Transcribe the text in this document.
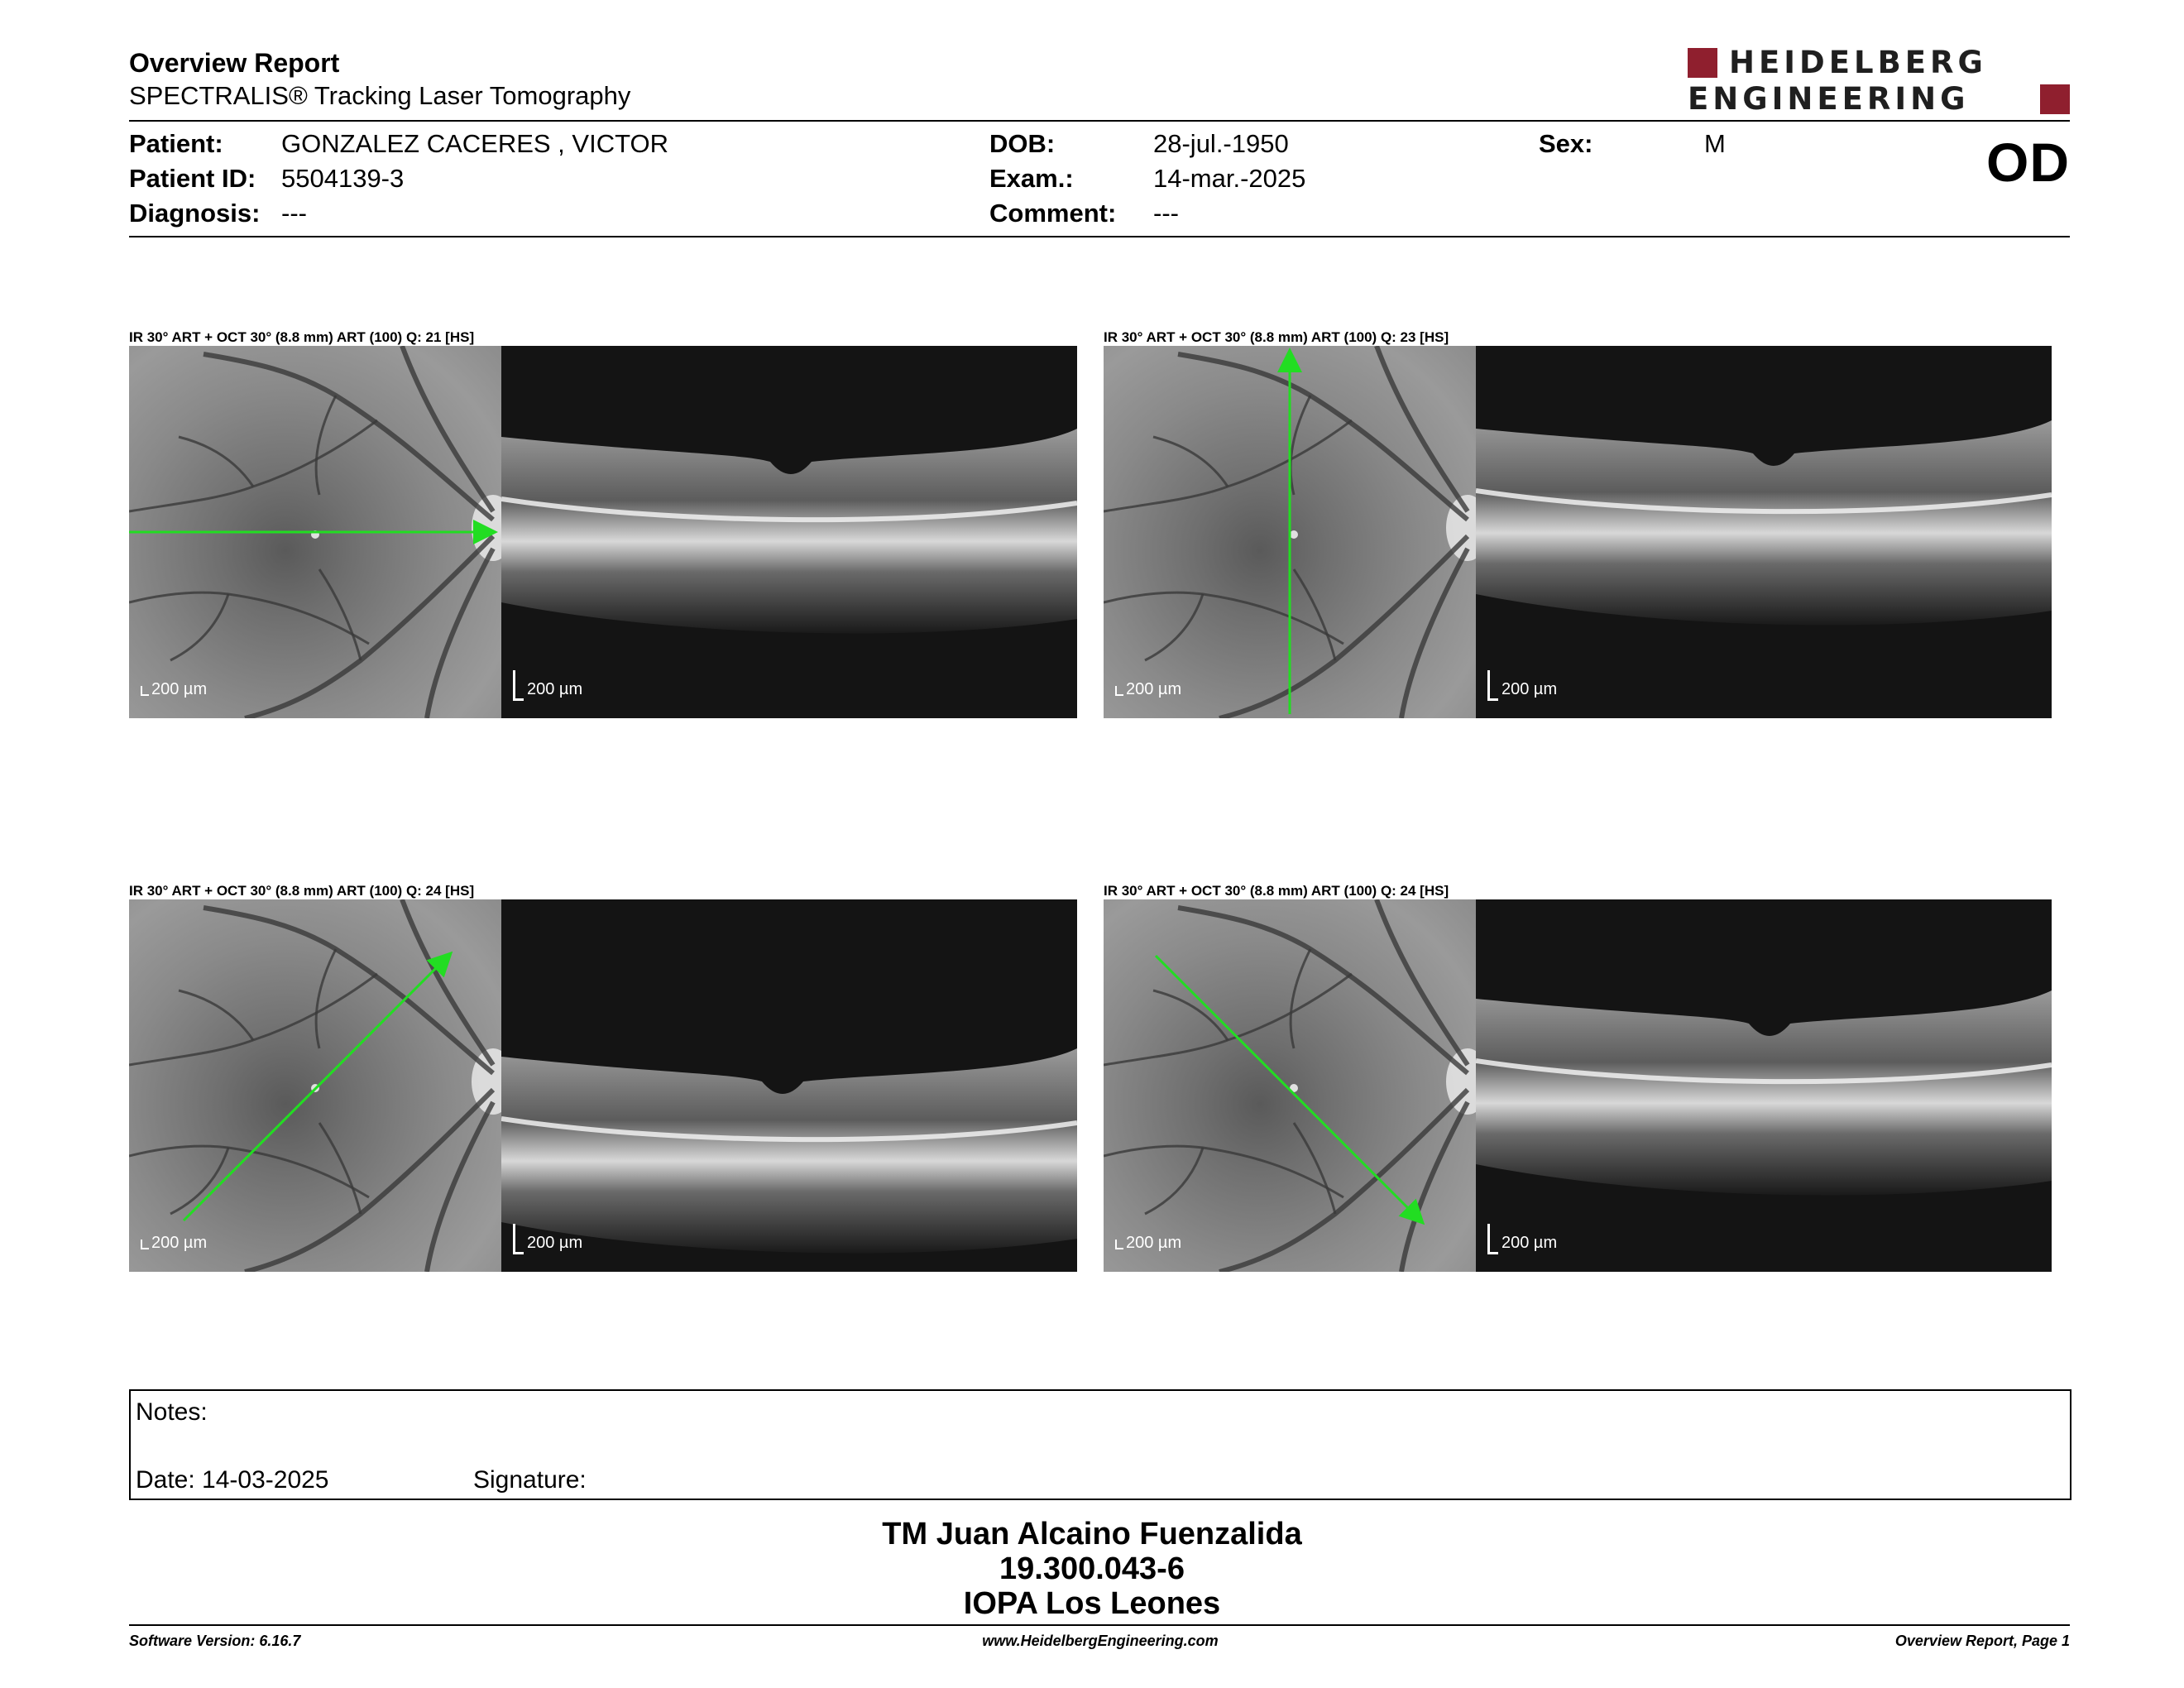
Overview Report
SPECTRALIS® Tracking Laser Tomography
HEIDELBERG
ENGINEERING
Patient: GONZALEZ CACERES , VICTOR
Patient ID: 5504139-3
Diagnosis: ---
DOB:	28-jul.-1950
Exam.:	14-mar.-2025
Comment: ---
Sex:	M	OD
IR 30° ART + OCT 30° (8.8 mm) ART (100) Q: 21 [HS]
200 µm	200 µm
IR 30° ART + OCT 30° (8.8 mm) ART (100) Q: 23 [HS]
200 µm	200 µm
IR 30° ART + OCT 30° (8.8 mm) ART (100) Q: 24 [HS]
200 µm	200 µm
IR 30° ART + OCT 30° (8.8 mm) ART (100) Q: 24 [HS]
200 µm	200 µm
Notes:
Date: 14-03-2025	Signature:
TM Juan Alcaino Fuenzalida
19.300.043-6
IOPA Los Leones
Software Version: 6.16.7	www.HeidelbergEngineering.com	Overview Report, Page 1
